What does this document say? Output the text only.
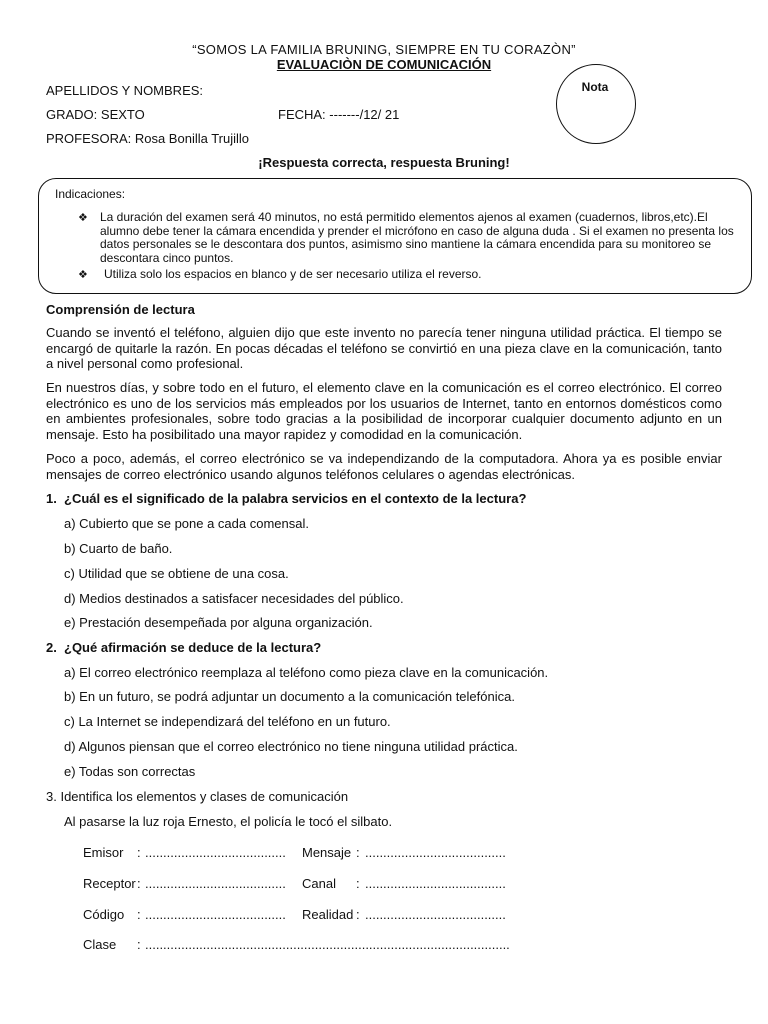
“SOMOS LA FAMILIA BRUNING, SIEMPRE EN TU CORAZÒN”
EVALUACIÒN DE COMUNICACIÓN
Nota
APELLIDOS Y NOMBRES:
GRADO: SEXTO	FECHA: -------/12/ 21
PROFESORA: Rosa Bonilla Trujillo
¡Respuesta correcta, respuesta Bruning!
Indicaciones:
❖ La duración del examen será 40 minutos, no está permitido elementos ajenos al examen (cuadernos, libros,etc).El alumno debe tener la cámara encendida y prender el micrófono en caso de alguna duda . Si el examen no presenta los datos personales se le descontara dos puntos, asimismo sino mantiene la cámara encendida para su monitoreo se descontara cinco puntos.
❖ Utiliza solo los espacios en blanco y de ser necesario utiliza el reverso.
Comprensión de lectura
Cuando se inventó el teléfono, alguien dijo que este invento no parecía tener ninguna utilidad práctica. El tiempo se encargó de quitarle la razón. En pocas décadas el teléfono se convirtió en una pieza clave en la comunicación, tanto a nivel personal como profesional.
En nuestros días, y sobre todo en el futuro, el elemento clave en la comunicación es el correo electrónico. El correo electrónico es uno de los servicios más empleados por los usuarios de Internet, tanto en entornos domésticos como en ambientes profesionales, sobre todo gracias a la posibilidad de incorporar cualquier documento adjunto en un mensaje. Esto ha posibilitado una mayor rapidez y comodidad en la comunicación.
Poco a poco, además, el correo electrónico se va independizando de la computadora. Ahora ya es posible enviar mensajes de correo electrónico usando algunos teléfonos celulares o agendas electrónicas.
1. ¿Cuál es el significado de la palabra servicios en el contexto de la lectura?
a) Cubierto que se pone a cada comensal.
b) Cuarto de baño.
c) Utilidad que se obtiene de una cosa.
d) Medios destinados a satisfacer necesidades del público.
e) Prestación desempeñada por alguna organización.
2. ¿Qué afirmación se deduce de la lectura?
a) El correo electrónico reemplaza al teléfono como pieza clave en la comunicación.
b) En un futuro, se podrá adjuntar un documento a la comunicación telefónica.
c) La Internet se independizará del teléfono en un futuro.
d) Algunos piensan que el correo electrónico no tiene ninguna utilidad práctica.
e) Todas son correctas
3. Identifica los elementos y clases de comunicación
Al pasarse la luz roja Ernesto, el policía le tocó el silbato.
Emisor : ....................................... Mensaje : .......................................
Receptor : ....................................... Canal : .......................................
Código : ....................................... Realidad : .......................................
Clase : .....................................................................................................
